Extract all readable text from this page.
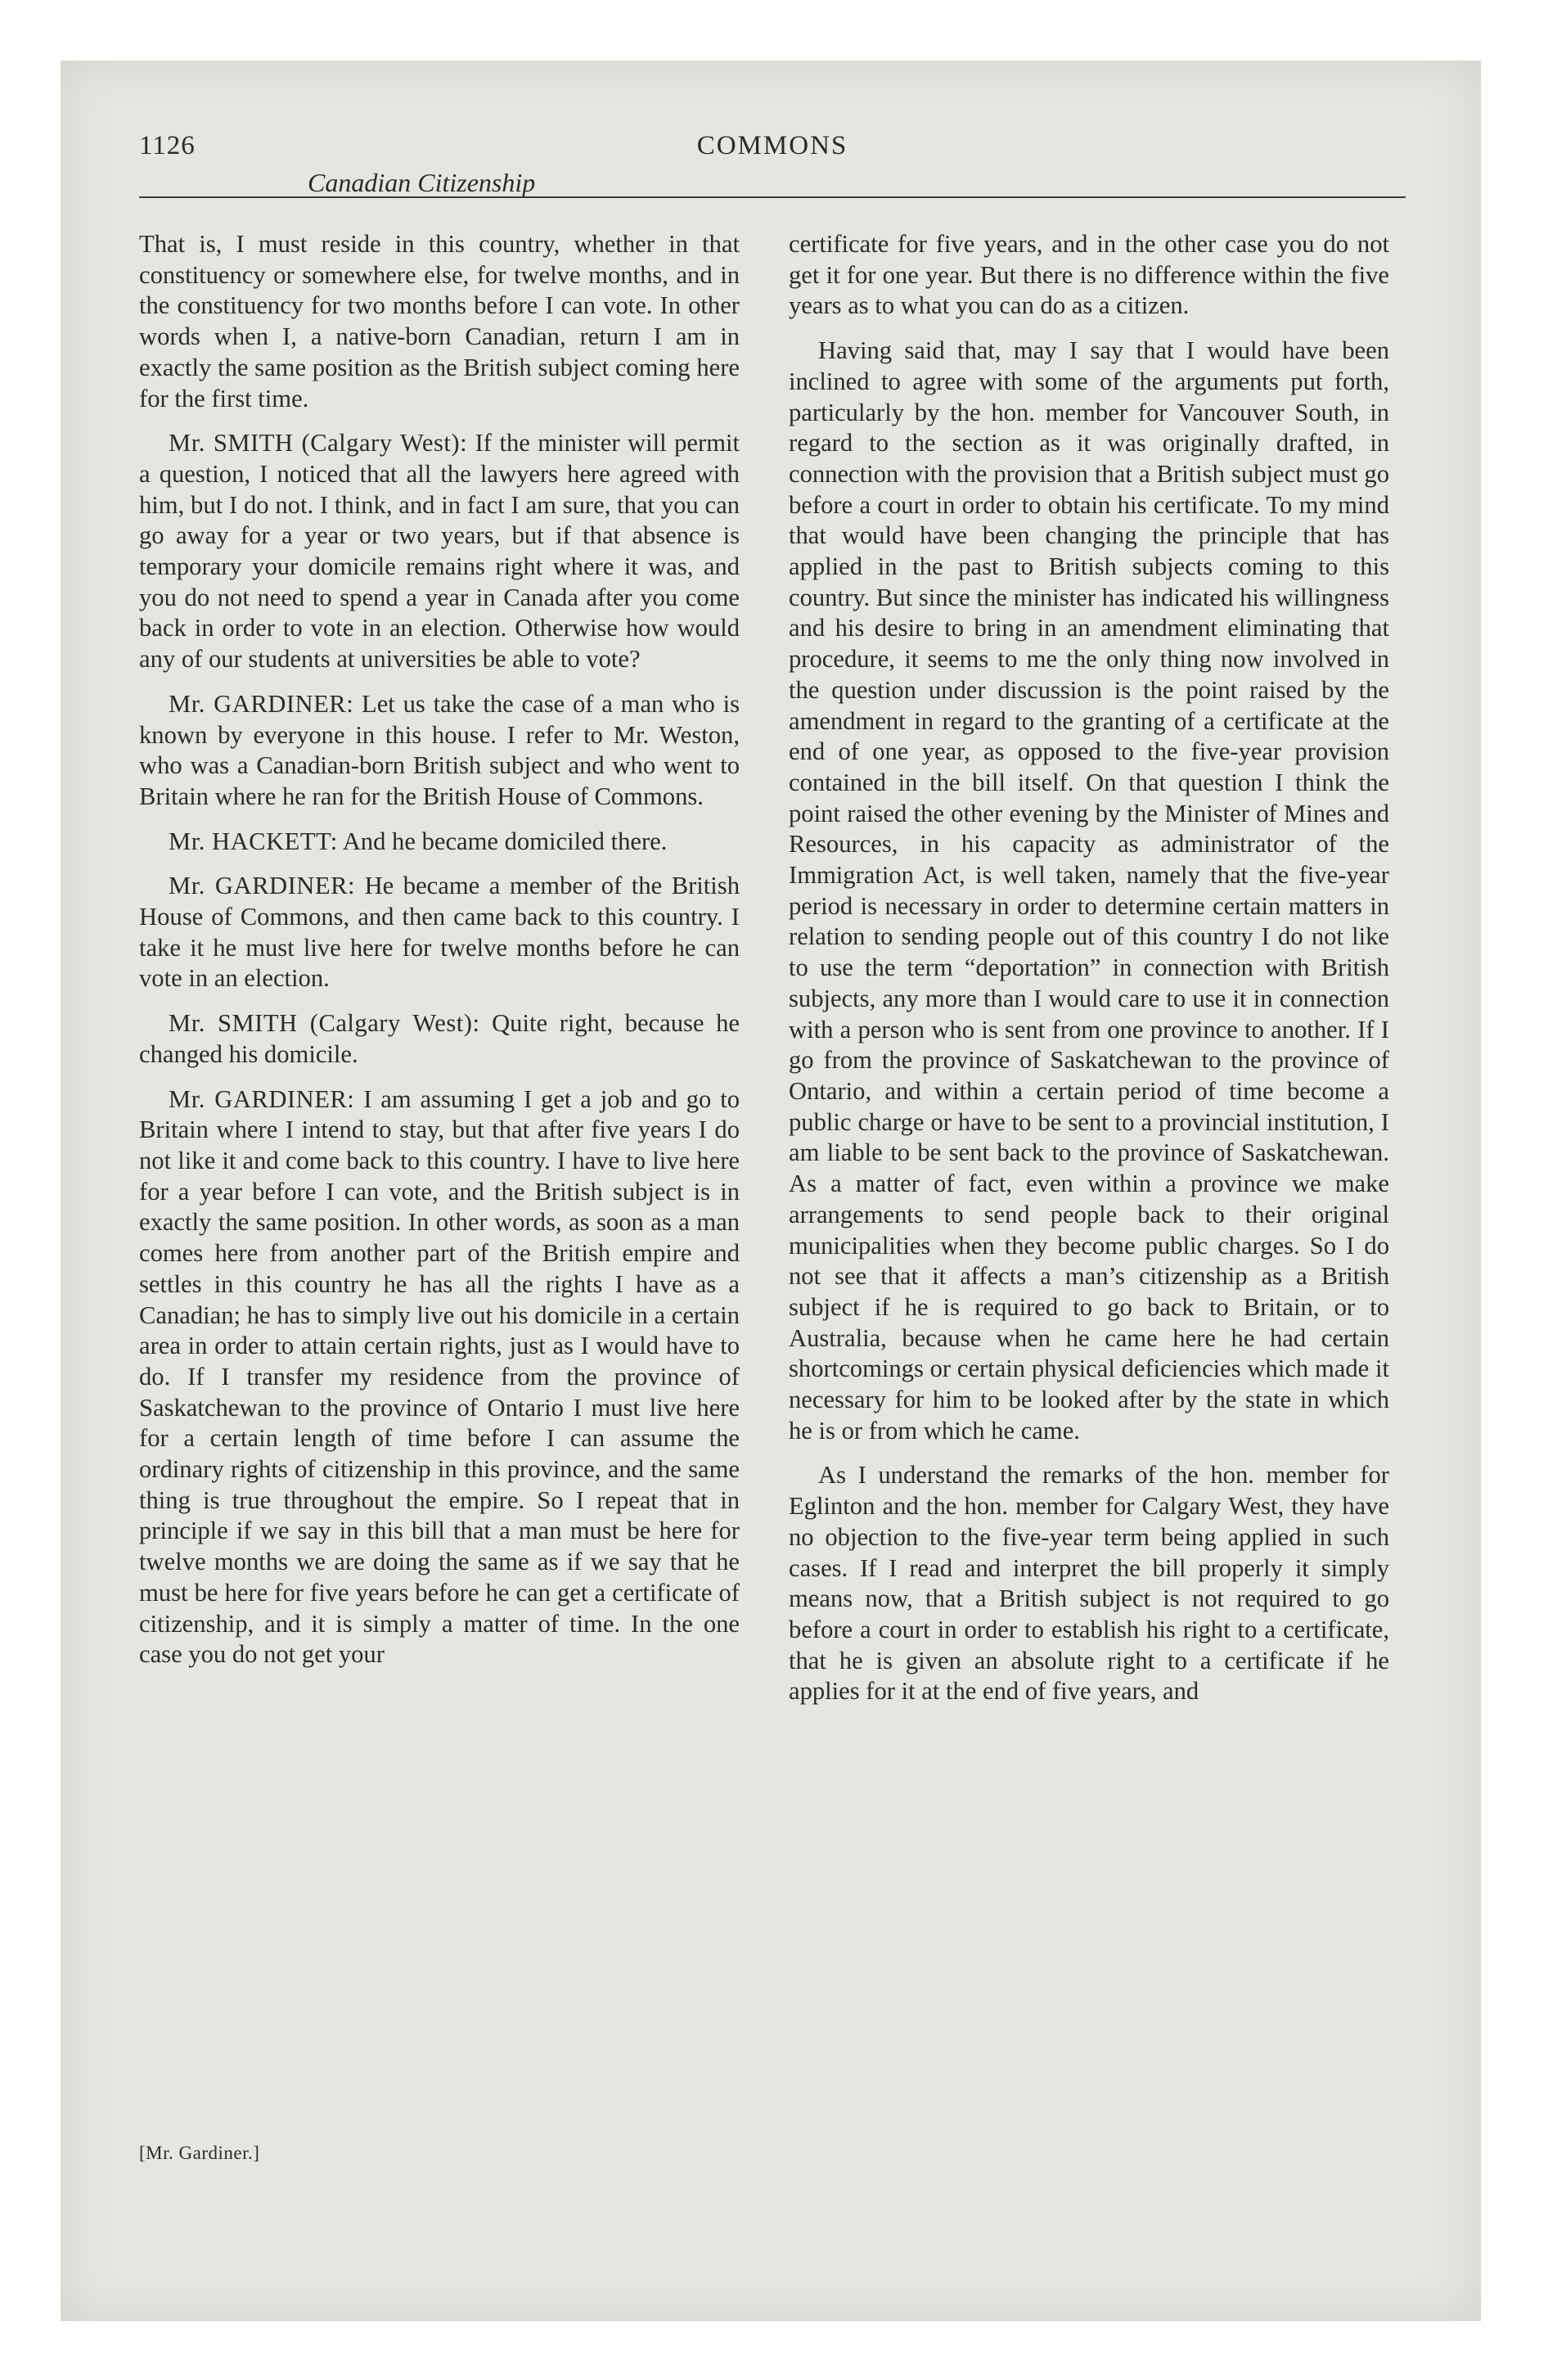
1126	COMMONS
Canadian Citizenship

That is, I must reside in this country, whether in that constituency or somewhere else, for twelve months, and in the constituency for two months before I can vote. In other words when I, a native-born Canadian, return I am in exactly the same position as the British subject coming here for the first time.

Mr. SMITH (Calgary West): If the minister will permit a question, I noticed that all the lawyers here agreed with him, but I do not. I think, and in fact I am sure, that you can go away for a year or two years, but if that absence is temporary your domicile remains right where it was, and you do not need to spend a year in Canada after you come back in order to vote in an election. Otherwise how would any of our students at universities be able to vote?

Mr. GARDINER: Let us take the case of a man who is known by everyone in this house. I refer to Mr. Weston, who was a Canadian-born British subject and who went to Britain where he ran for the British House of Commons.

Mr. HACKETT: And he became domiciled there.

Mr. GARDINER: He became a member of the British House of Commons, and then came back to this country. I take it he must live here for twelve months before he can vote in an election.

Mr. SMITH (Calgary West): Quite right, because he changed his domicile.

Mr. GARDINER: I am assuming I get a job and go to Britain where I intend to stay, but that after five years I do not like it and come back to this country. I have to live here for a year before I can vote, and the British subject is in exactly the same position. In other words, as soon as a man comes here from another part of the British empire and settles in this country he has all the rights I have as a Canadian; he has to simply live out his domicile in a certain area in order to attain certain rights, just as I would have to do. If I transfer my residence from the province of Saskatchewan to the province of Ontario I must live here for a certain length of time before I can assume the ordinary rights of citizenship in this province, and the same thing is true throughout the empire. So I repeat that in principle if we say in this bill that a man must be here for twelve months we are doing the same as if we say that he must be here for five years before he can get a certificate of citizenship, and it is simply a matter of time. In the one case you do not get your

certificate for five years, and in the other case you do not get it for one year. But there is no difference within the five years as to what you can do as a citizen.

Having said that, may I say that I would have been inclined to agree with some of the arguments put forth, particularly by the hon. member for Vancouver South, in regard to the section as it was originally drafted, in connection with the provision that a British subject must go before a court in order to obtain his certificate. To my mind that would have been changing the principle that has applied in the past to British subjects coming to this country. But since the minister has indicated his willingness and his desire to bring in an amendment eliminating that procedure, it seems to me the only thing now involved in the question under discussion is the point raised by the amendment in regard to the granting of a certificate at the end of one year, as opposed to the five-year provision contained in the bill itself. On that question I think the point raised the other evening by the Minister of Mines and Resources, in his capacity as administrator of the Immigration Act, is well taken, namely that the five-year period is necessary in order to determine certain matters in relation to sending people out of this country I do not like to use the term “deportation” in connection with British subjects, any more than I would care to use it in connection with a person who is sent from one province to another. If I go from the province of Saskatchewan to the province of Ontario, and within a certain period of time become a public charge or have to be sent to a provincial institution, I am liable to be sent back to the province of Saskatchewan. As a matter of fact, even within a province we make arrangements to send people back to their original municipalities when they become public charges. So I do not see that it affects a man’s citizenship as a British subject if he is required to go back to Britain, or to Australia, because when he came here he had certain shortcomings or certain physical deficiencies which made it necessary for him to be looked after by the state in which he is or from which he came.

As I understand the remarks of the hon. member for Eglinton and the hon. member for Calgary West, they have no objection to the five-year term being applied in such cases. If I read and interpret the bill properly it simply means now, that a British subject is not required to go before a court in order to establish his right to a certificate, that he is given an absolute right to a certificate if he applies for it at the end of five years, and

[Mr. Gardiner.]
